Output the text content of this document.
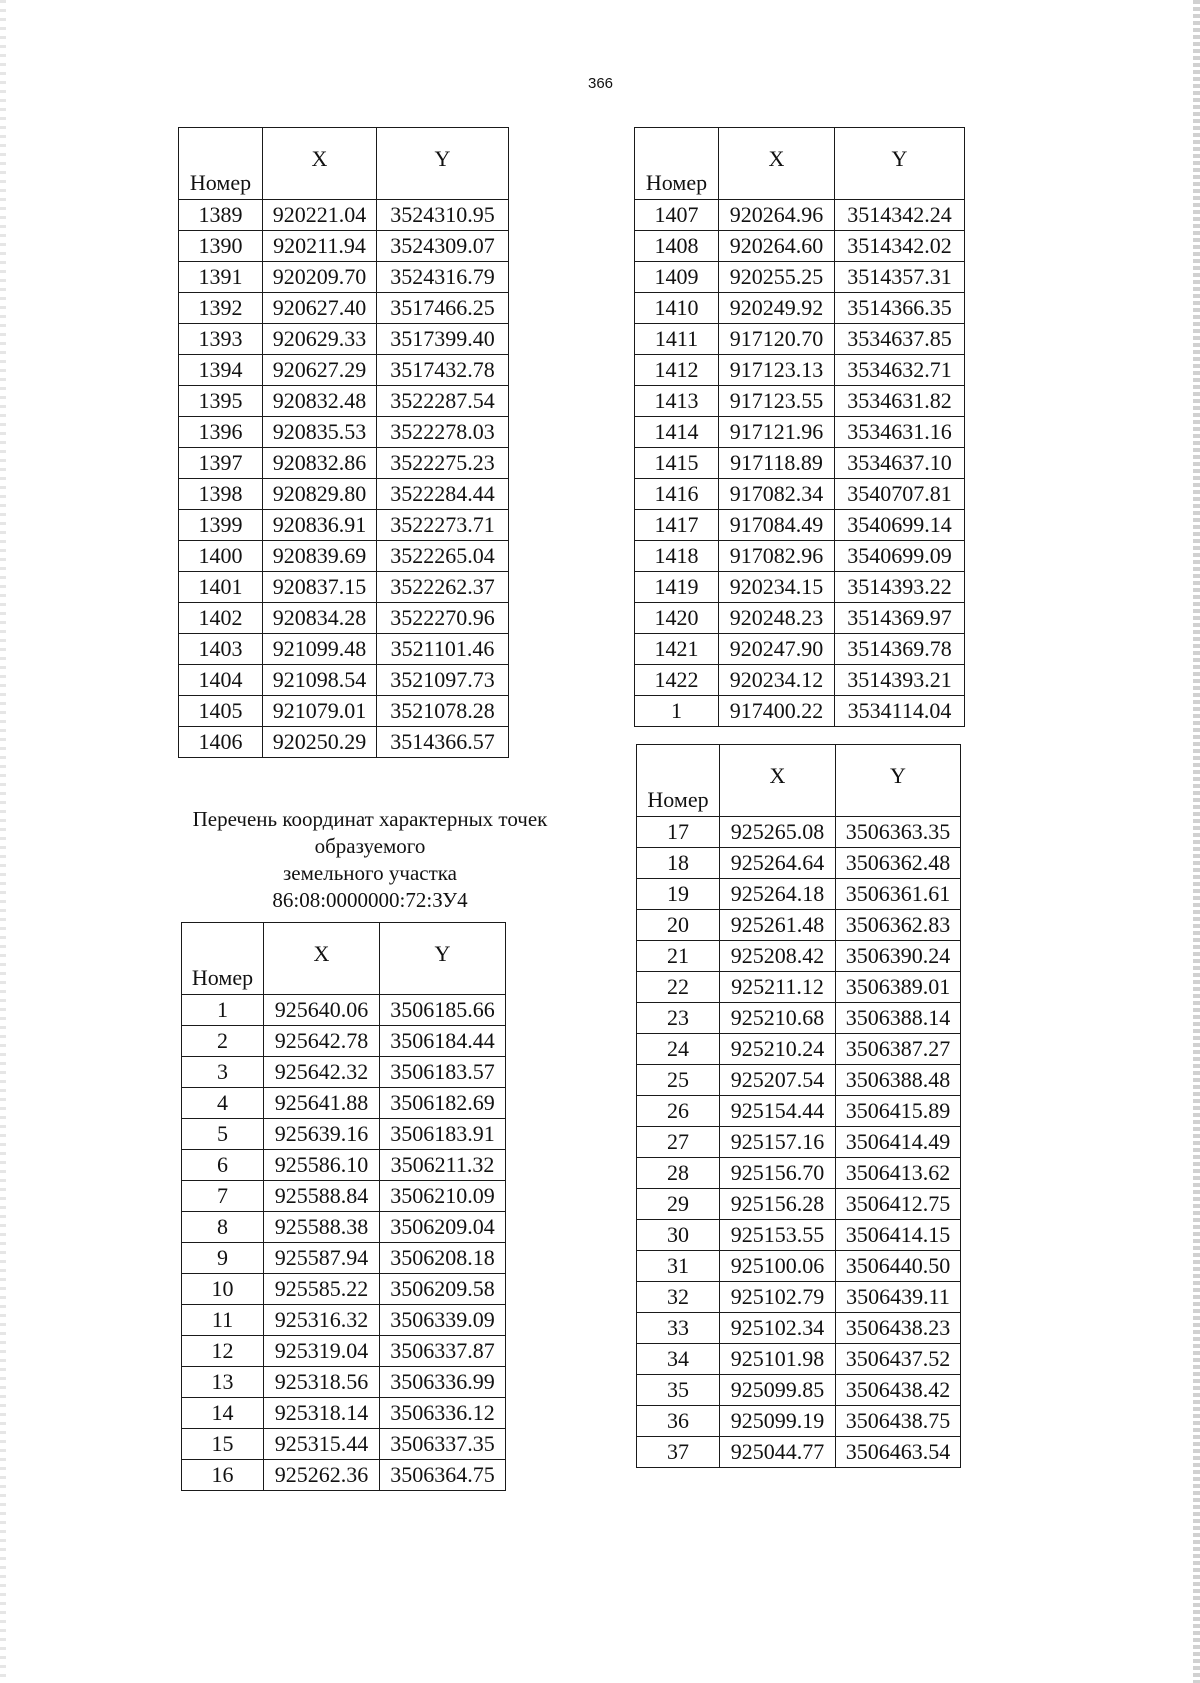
366
Номер	X	Y
1389	920221.04	3524310.95
1390	920211.94	3524309.07
1391	920209.70	3524316.79
1392	920627.40	3517466.25
1393	920629.33	3517399.40
1394	920627.29	3517432.78
1395	920832.48	3522287.54
1396	920835.53	3522278.03
1397	920832.86	3522275.23
1398	920829.80	3522284.44
1399	920836.91	3522273.71
1400	920839.69	3522265.04
1401	920837.15	3522262.37
1402	920834.28	3522270.96
1403	921099.48	3521101.46
1404	921098.54	3521097.73
1405	921079.01	3521078.28
1406	920250.29	3514366.57
Номер	X	Y
1407	920264.96	3514342.24
1408	920264.60	3514342.02
1409	920255.25	3514357.31
1410	920249.92	3514366.35
1411	917120.70	3534637.85
1412	917123.13	3534632.71
1413	917123.55	3534631.82
1414	917121.96	3534631.16
1415	917118.89	3534637.10
1416	917082.34	3540707.81
1417	917084.49	3540699.14
1418	917082.96	3540699.09
1419	920234.15	3514393.22
1420	920248.23	3514369.97
1421	920247.90	3514369.78
1422	920234.12	3514393.21
1	917400.22	3534114.04
Перечень координат характерных точек
образуемого
земельного участка
86:08:0000000:72:ЗУ4
Номер	X	Y
1	925640.06	3506185.66
2	925642.78	3506184.44
3	925642.32	3506183.57
4	925641.88	3506182.69
5	925639.16	3506183.91
6	925586.10	3506211.32
7	925588.84	3506210.09
8	925588.38	3506209.04
9	925587.94	3506208.18
10	925585.22	3506209.58
11	925316.32	3506339.09
12	925319.04	3506337.87
13	925318.56	3506336.99
14	925318.14	3506336.12
15	925315.44	3506337.35
16	925262.36	3506364.75
Номер	X	Y
17	925265.08	3506363.35
18	925264.64	3506362.48
19	925264.18	3506361.61
20	925261.48	3506362.83
21	925208.42	3506390.24
22	925211.12	3506389.01
23	925210.68	3506388.14
24	925210.24	3506387.27
25	925207.54	3506388.48
26	925154.44	3506415.89
27	925157.16	3506414.49
28	925156.70	3506413.62
29	925156.28	3506412.75
30	925153.55	3506414.15
31	925100.06	3506440.50
32	925102.79	3506439.11
33	925102.34	3506438.23
34	925101.98	3506437.52
35	925099.85	3506438.42
36	925099.19	3506438.75
37	925044.77	3506463.54
